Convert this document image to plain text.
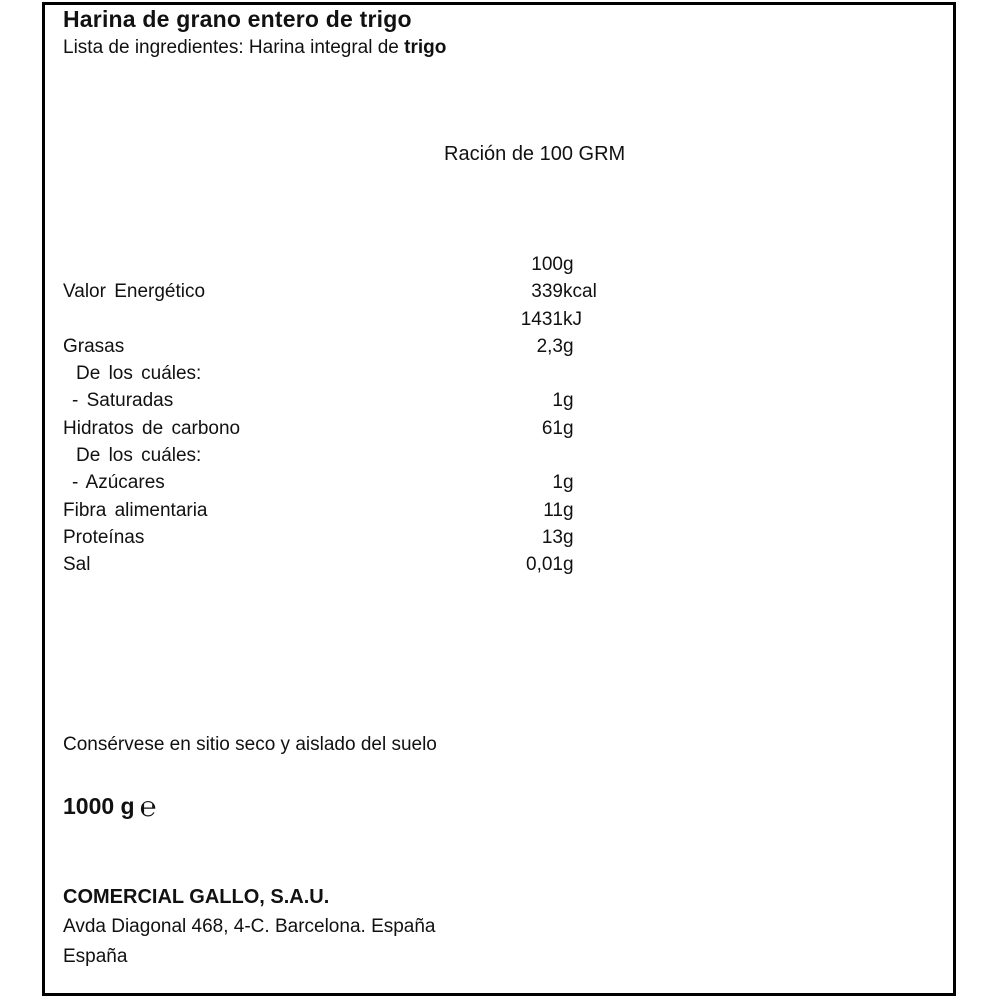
Harina de grano entero de trigo
Lista de ingredientes: Harina integral de trigo
Ración de 100 GRM
	100	g
Valor Energético	339	kcal
	1431	kJ
Grasas	2,3	g
De los cuáles:		
- Saturadas	1	g
Hidratos de carbono	61	g
De los cuáles:		
- Azúcares	1	g
Fibra alimentaria	11	g
Proteínas	13	g
Sal	0,01	g
Consérvese en sitio seco y aislado del suelo
1000 g ℮
COMERCIAL GALLO, S.A.U.
Avda Diagonal 468, 4-C. Barcelona. España
España
